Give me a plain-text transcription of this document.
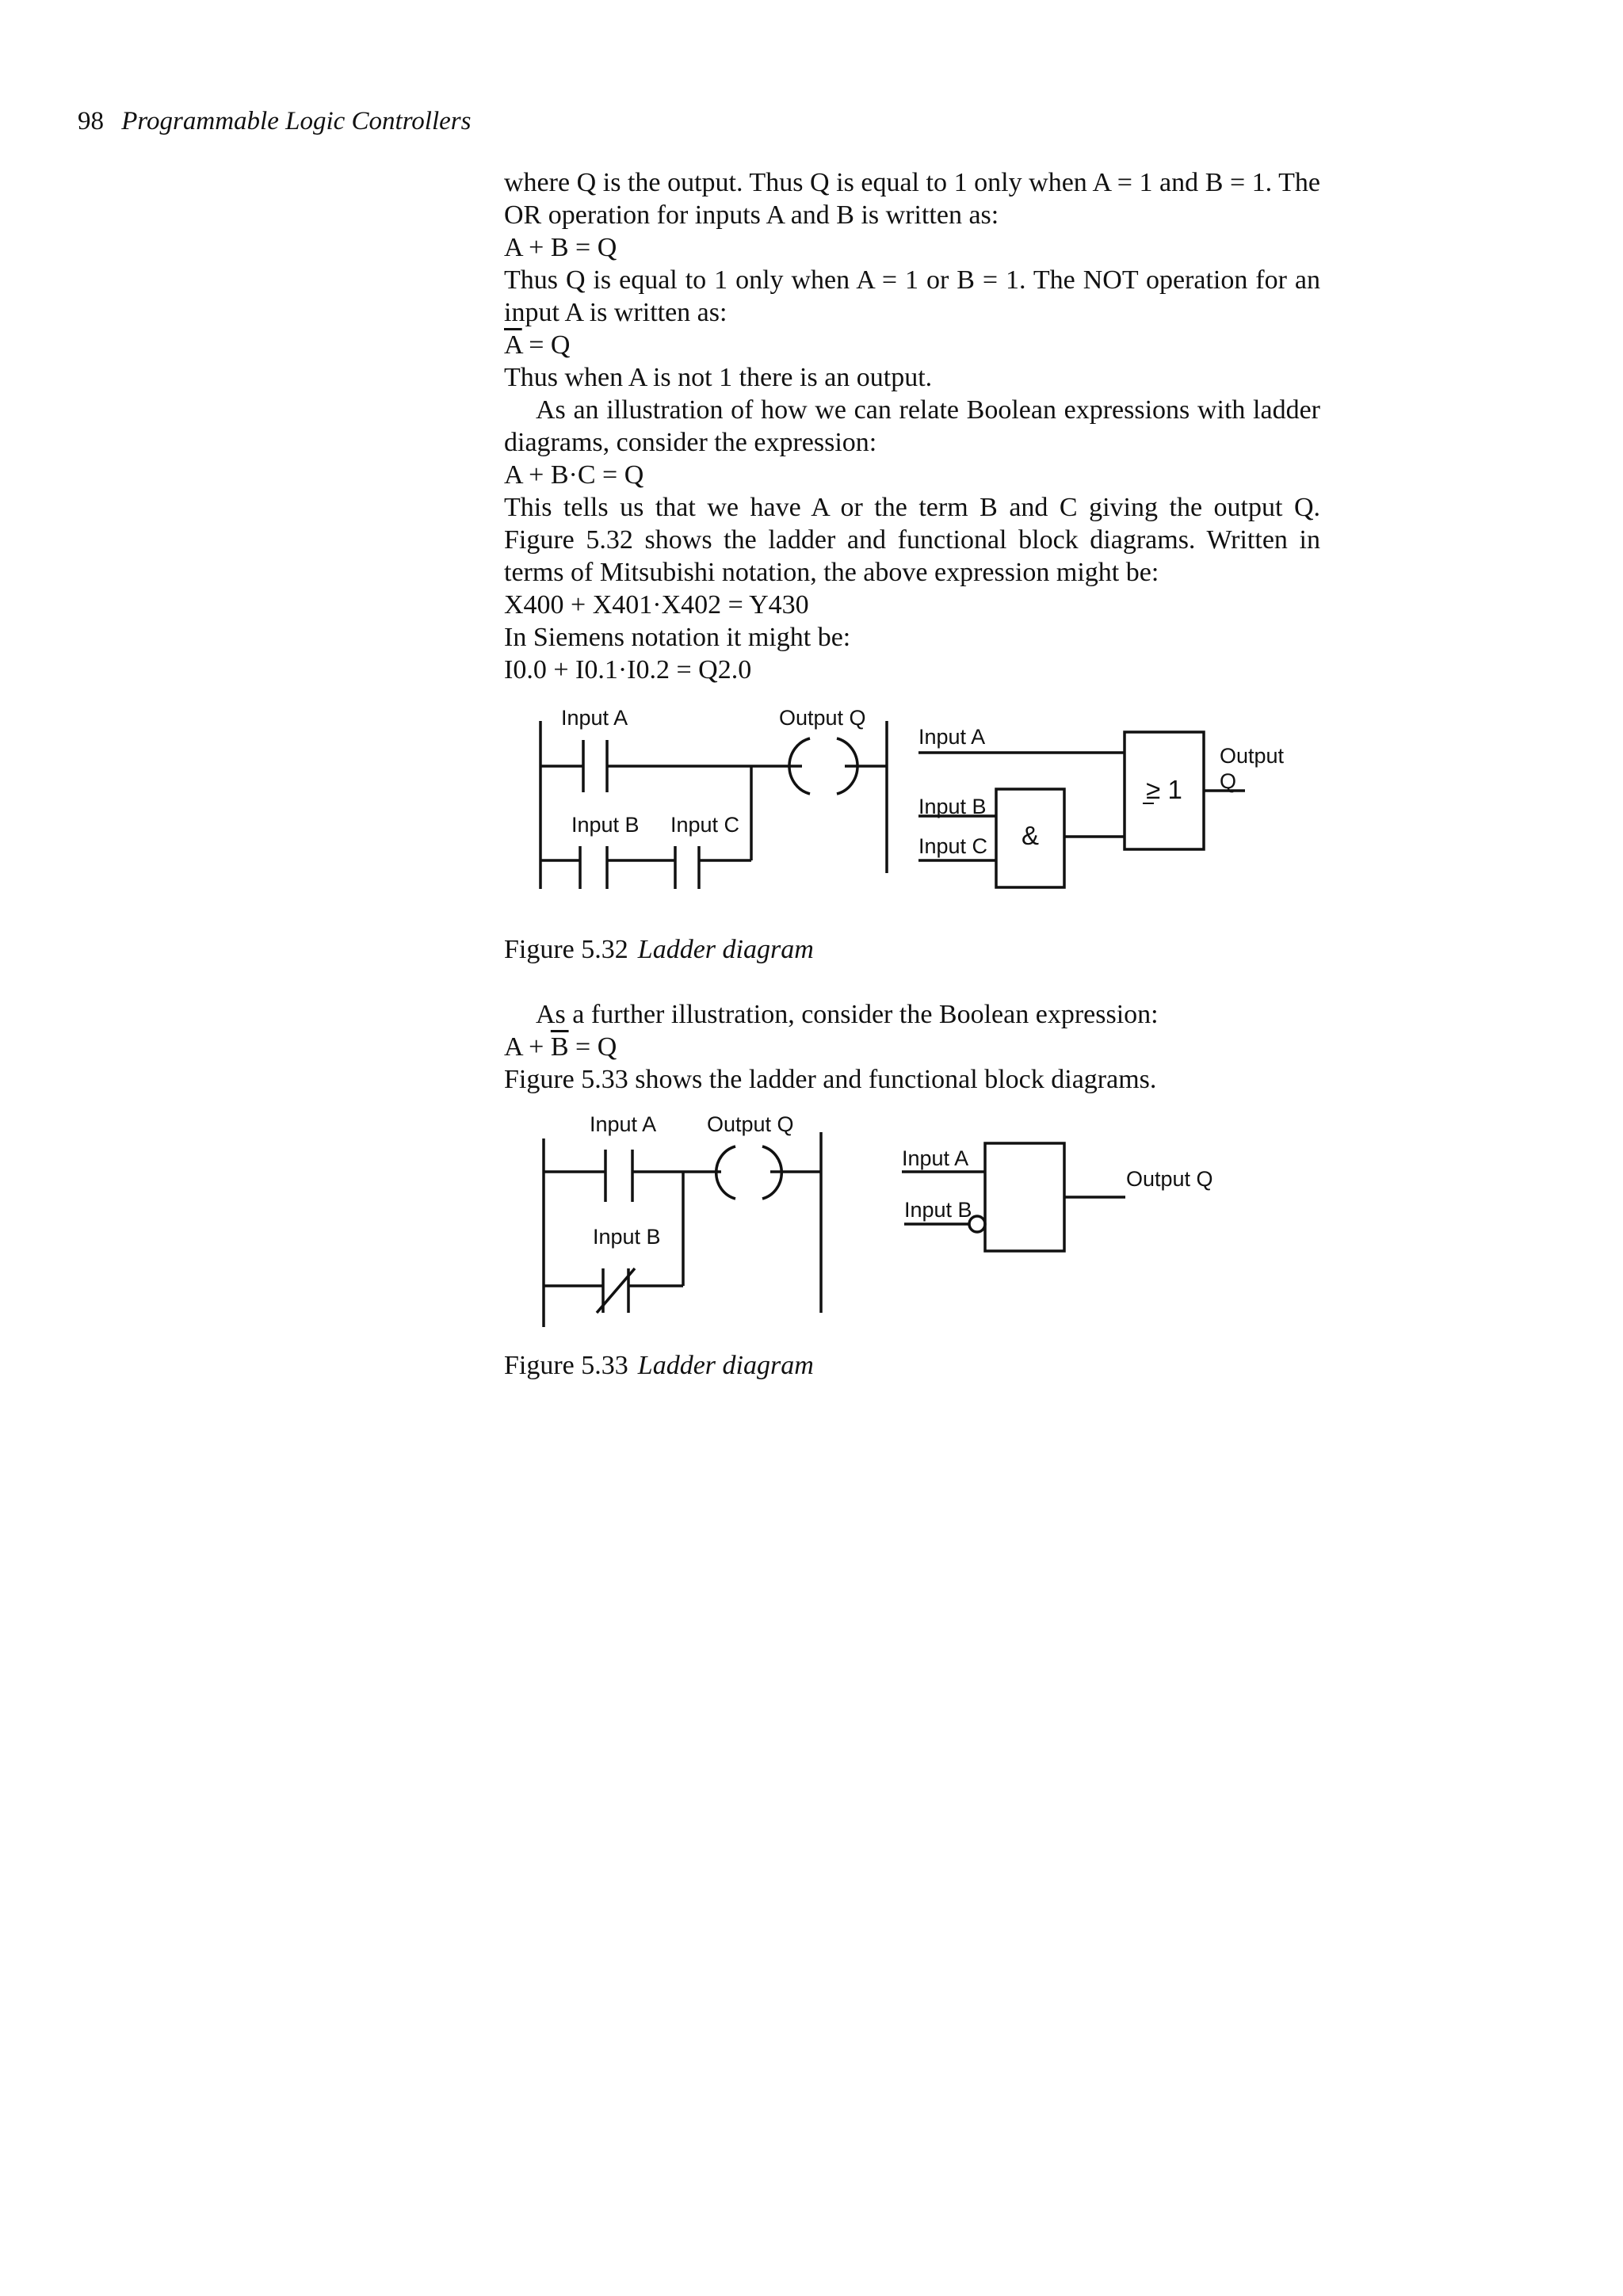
98 Programmable Logic Controllers

where Q is the output. Thus Q is equal to 1 only when A = 1 and B = 1. The OR operation for inputs A and B is written as:

A + B = Q

Thus Q is equal to 1 only when A = 1 or B = 1. The NOT operation for an input A is written as:

$\overline{A} = Q$

Thus when A is not 1 there is an output.

As an illustration of how we can relate Boolean expressions with ladder diagrams, consider the expression:

A + B·C = Q

This tells us that we have A or the term B and C giving the output Q. Figure 5.32 shows the ladder and functional block diagrams. Written in terms of Mitsubishi notation, the above expression might be:

X400 + X401·X402 = Y430

In Siemens notation it might be:

I0.0 + I0.1·I0.2 = Q2.0

Input A	Output Q
Input B Input C
Input A
Input B
Input C &
≥ 1
Output
Q

Figure 5.32 Ladder diagram

As a further illustration, consider the Boolean expression:

$A + \overline{B} = Q$

Figure 5.33 shows the ladder and functional block diagrams.

Input A Output Q
Input B
Input A
Input B
Output Q

Figure 5.33 Ladder diagram
